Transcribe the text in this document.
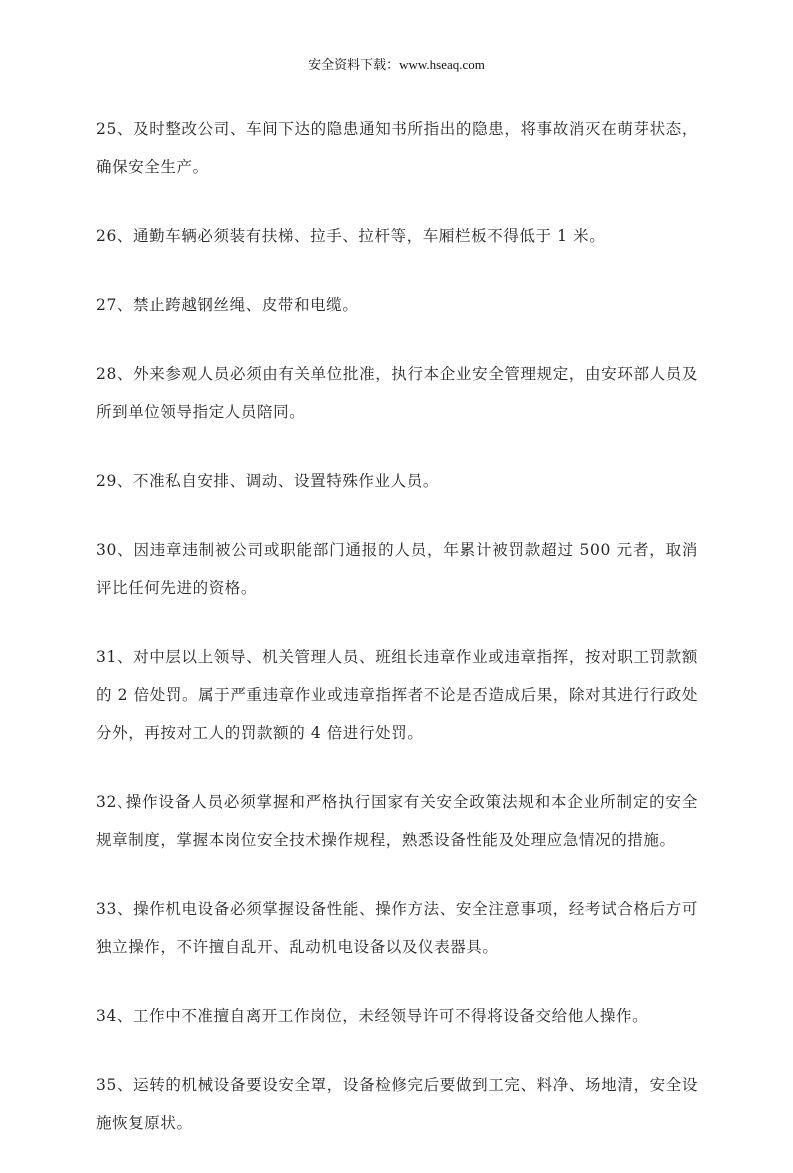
安全资料下载：www.hseaq.com

25、及时整改公司、车间下达的隐患通知书所指出的隐患，将事故消灭在萌芽状态，确保安全生产。

26、通勤车辆必须装有扶梯、拉手、拉杆等，车厢栏板不得低于 1 米。

27、禁止跨越钢丝绳、皮带和电缆。

28、外来参观人员必须由有关单位批准，执行本企业安全管理规定，由安环部人员及所到单位领导指定人员陪同。

29、不准私自安排、调动、设置特殊作业人员。

30、因违章违制被公司或职能部门通报的人员，年累计被罚款超过 500 元者，取消评比任何先进的资格。

31、对中层以上领导、机关管理人员、班组长违章作业或违章指挥，按对职工罚款额的 2 倍处罚。属于严重违章作业或违章指挥者不论是否造成后果，除对其进行行政处分外，再按对工人的罚款额的 4 倍进行处罚。

32､操作设备人员必须掌握和严格执行国家有关安全政策法规和本企业所制定的安全规章制度，掌握本岗位安全技术操作规程，熟悉设备性能及处理应急情况的措施。

33、操作机电设备必须掌握设备性能、操作方法、安全注意事项，经考试合格后方可独立操作，不许擅自乱开、乱动机电设备以及仪表器具。

34、工作中不准擅自离开工作岗位，未经领导许可不得将设备交给他人操作。

35、运转的机械设备要设安全罩，设备检修完后要做到工完、料净、场地清，安全设施恢复原状。
